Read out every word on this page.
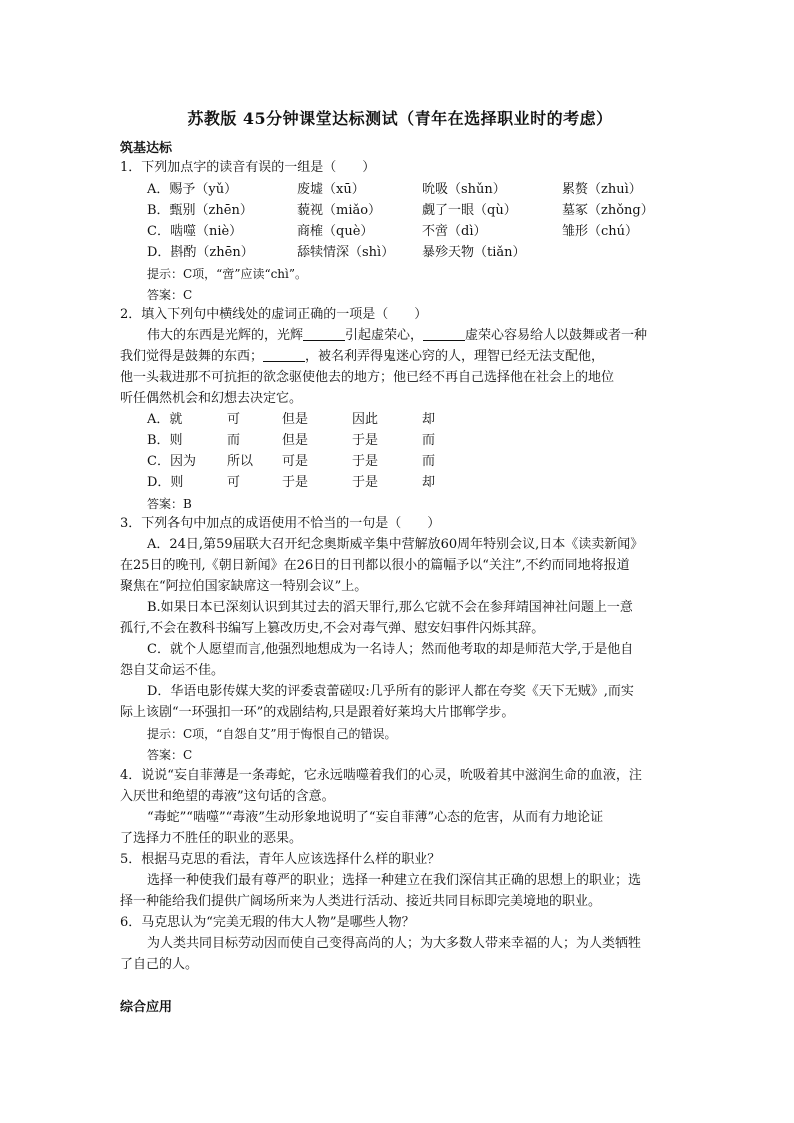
苏教版 45分钟课堂达标测试（青年在选择职业时的考虑）
筑基达标
1．下列加点字的读音有误的一组是（　　）
A．赐予（yǔ）	废墟（xū）	吮吸（shǔn）	累赘（zhuì）
B．甄别（zhēn）	藐视（miǎo）	觑了一眼（qù）	墓冢（zhǒng）
C．啮噬（niè）	商榷（què）	不啻（dì）	雏形（chú）
D．斟酌（zhēn）	舔犊情深（shì） 暴殄天物（tiǎn）
提示：C项，“啻”应读“chì”。
答案：C
2．填入下列句中横线处的虚词正确的一项是（　　）
伟大的东西是光辉的，光辉	引起虚荣心，	虚荣心容易给人以鼓舞或者一种
我们觉得是鼓舞的东西；	，被名利弄得鬼迷心窍的人，理智已经无法支配他，
他一头栽进那不可抗拒的欲念驱使他去的地方；他已经不再自己选择他在社会上的地位
听任偶然机会和幻想去决定它。
A．就	可	但是	因此	却
B．则	而	但是	于是	而
C．因为 所以 可是	于是	而
D．则	可	于是	于是	却
答案：B
3．下列各句中加点的成语使用不恰当的一句是（　　）
A．24日,第59届联大召开纪念奥斯威辛集中营解放60周年特别会议,日本《读卖新闻》
在25日的晚刊,《朝日新闻》在26日的日刊都以很小的篇幅予以“关注”,不约而同地将报道
聚焦在“阿拉伯国家缺席这一特别会议”上。
B.如果日本已深刻认识到其过去的滔天罪行,那么它就不会在参拜靖国神社问题上一意
孤行,不会在教科书编写上篡改历史,不会对毒气弹、慰安妇事件闪烁其辞。
C．就个人愿望而言,他强烈地想成为一名诗人；然而他考取的却是师范大学,于是他自
怨自艾命运不佳。
D．华语电影传媒大奖的评委袁蕾磋叹:几乎所有的影评人都在夸奖《天下无贼》,而实
际上该剧“一环强扣一环”的戏剧结构,只是跟着好莱坞大片邯郸学步。
提示：C项，“自怨自艾”用于悔恨自己的错误。
答案：C
4．说说“妄自菲薄是一条毒蛇，它永远啮噬着我们的心灵，吮吸着其中滋润生命的血液，注
入厌世和绝望的毒液”这句话的含意。
“毒蛇”“啮噬”“毒液”生动形象地说明了“妄自菲薄”心态的危害，从而有力地论证
了选择力不胜任的职业的恶果。
5．根据马克思的看法，青年人应该选择什么样的职业？
选择一种使我们最有尊严的职业；选择一种建立在我们深信其正确的思想上的职业；选
择一种能给我们提供广阔场所来为人类进行活动、接近共同目标即完美境地的职业。
6．马克思认为“完美无瑕的伟大人物”是哪些人物？
为人类共同目标劳动因而使自己变得高尚的人；为大多数人带来幸福的人；为人类牺牲
了自己的人。
综合应用
